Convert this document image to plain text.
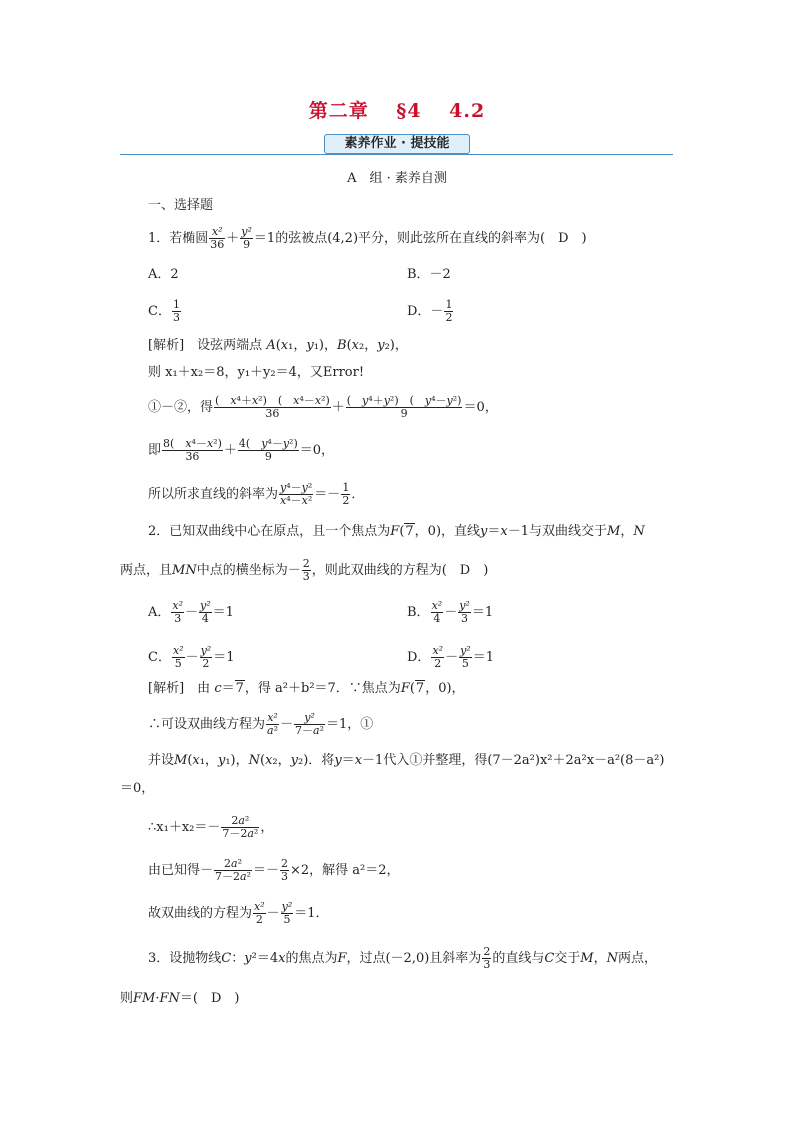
第二章 §4 4.2
素养作业 · 提技能
A　组 · 素养自测
一、选择题
1．若椭圆 $\frac{\text{x²}}{36} + \frac{\text{y²}}{9} =1$的弦被点(4,2)平分，则此弦所在直线的斜率为(　D　)
A．2	B．－2
C． $\frac{1}{3}$	D．－ $\frac{1}{2}$
[解析]　 设弦两端点 A(x₁，y₁)，B(x₂，y₂)，
则 x₁＋x₂＝8，y₁＋y₂＝4，又Error!
①－②，得 $\frac{\text{(　x⁴＋x²)　(　x⁴－x²)}}{36} + \frac{\text{(　y⁴＋y²)　(　y⁴－y²)}}{9} =0$，
即 $\frac{\text{8(　x⁴－x²)}}{36} + \frac{\text{4(　y⁴－y²)}}{9} =0$，
所以所求直线的斜率为 $\frac{\text{y⁴－y²}}{\text{x⁴－x²}} =- \frac{1}{2}$ ．
2．已知双曲线中心在原点，且一个焦点为F(7，0)，直线y＝x－1与双曲线交于M，N
两点，且MN中点的横坐标为－ $\frac{2}{3}$ ，则此双曲线的方程为(　D　)
A． $\frac{\text{x²}}{3} - \frac{\text{y²}}{4} =1$	B． $\frac{\text{x²}}{4} - \frac{\text{y²}}{3} =1$
C． $\frac{\text{x²}}{5} - \frac{\text{y²}}{2} =1$	D． $\frac{\text{x²}}{2} - \frac{\text{y²}}{5} =1$
[解析]　 由 c＝7，得 a²＋b²＝7．∵焦点为F(7，0)，
∴可设双曲线方程为 $\frac{\text{x²}}{\text{a²}} - \frac{\text{y²}}{\text{7－a²}} =1$，①
并设M(x₁，y₁)，N(x₂，y₂)．将y＝x－1代入①并整理，得(7－2a²)x²＋2a²x－a²(8－a²)
＝0，
∴x₁＋x₂＝－ $\frac{\text{2a²}}{\text{7－2a²}}$ ，
由已知得－ $\frac{\text{2a²}}{\text{7－2a²}} =- \frac{2}{3} \times 2$，解得 a²＝2，
故双曲线的方程为 $\frac{\text{x²}}{2} - \frac{\text{y²}}{5} =1$．
3．设抛物线C：y²＝4x的焦点为F，过点(－2,0)且斜率为 $\frac{2}{3}$ 的直线与C交于M，N两点，
则FM·FN＝(　D　)
